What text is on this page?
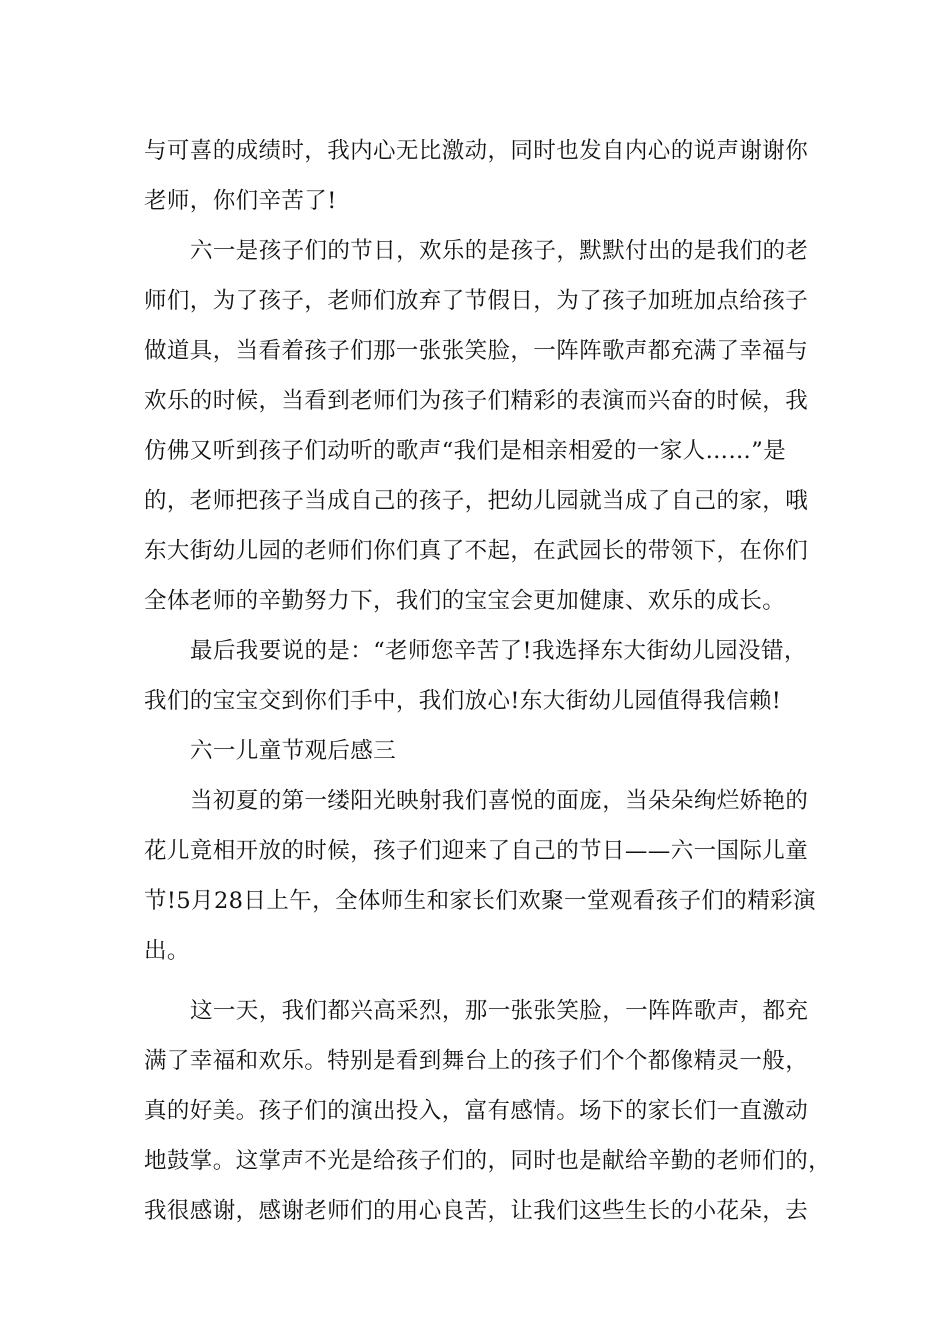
与可喜的成绩时，我内心无比激动，同时也发自内心的说声谢谢你
老师，你们辛苦了!
六一是孩子们的节日，欢乐的是孩子，默默付出的是我们的老
师们，为了孩子，老师们放弃了节假日，为了孩子加班加点给孩子
做道具，当看着孩子们那一张张笑脸，一阵阵歌声都充满了幸福与
欢乐的时候，当看到老师们为孩子们精彩的表演而兴奋的时候，我
仿佛又听到孩子们动听的歌声“我们是相亲相爱的一家人……”是
的，老师把孩子当成自己的孩子，把幼儿园就当成了自己的家，哦
东大街幼儿园的老师们你们真了不起，在武园长的带领下，在你们
全体老师的辛勤努力下，我们的宝宝会更加健康、欢乐的成长。
最后我要说的是：“老师您辛苦了!我选择东大街幼儿园没错，
我们的宝宝交到你们手中，我们放心!东大街幼儿园值得我信赖!
六一儿童节观后感三
当初夏的第一缕阳光映射我们喜悦的面庞，当朵朵绚烂娇艳的
花儿竟相开放的时候，孩子们迎来了自己的节日——六一国际儿童
节!5月28日上午，全体师生和家长们欢聚一堂观看孩子们的精彩演
出。
这一天，我们都兴高采烈，那一张张笑脸，一阵阵歌声，都充
满了幸福和欢乐。特别是看到舞台上的孩子们个个都像精灵一般，
真的好美。孩子们的演出投入，富有感情。场下的家长们一直激动
地鼓掌。这掌声不光是给孩子们的，同时也是献给辛勤的老师们的，
我很感谢，感谢老师们的用心良苦，让我们这些生长的小花朵，去
